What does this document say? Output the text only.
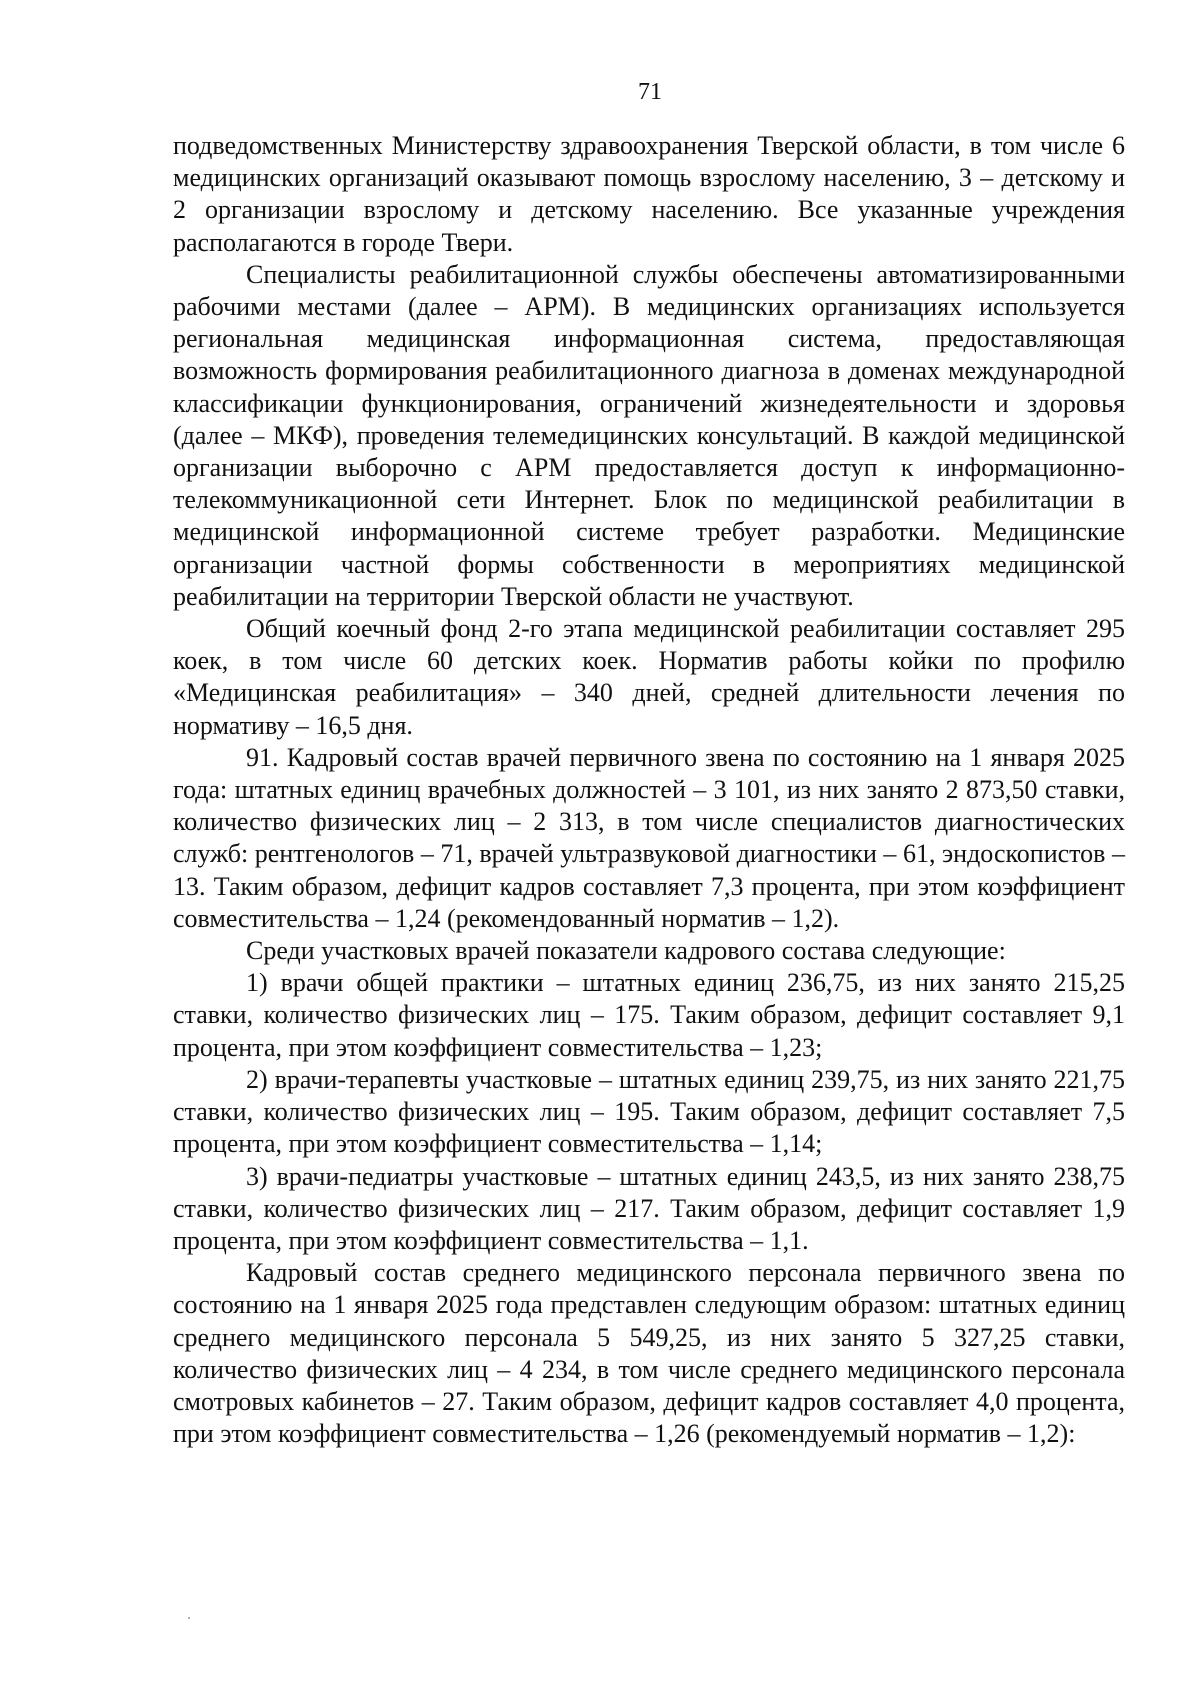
71

подведомственных Министерству здравоохранения Тверской области, в том числе 6 медицинских организаций оказывают помощь взрослому населению, 3 – детскому и 2 организации взрослому и детскому населению. Все указанные учреждения располагаются в городе Твери.

Специалисты реабилитационной службы обеспечены автоматизированными рабочими местами (далее – АРМ). В медицинских организациях используется региональная медицинская информационная система, предоставляющая возможность формирования реабилитационного диагноза в доменах международной классификации функционирования, ограничений жизнедеятельности и здоровья (далее – МКФ), проведения телемедицинских консультаций. В каждой медицинской организации выборочно с АРМ предоставляется доступ к информационно-телекоммуникационной сети Интернет. Блок по медицинской реабилитации в медицинской информационной системе требует разработки. Медицинские организации частной формы собственности в мероприятиях медицинской реабилитации на территории Тверской области не участвуют.

Общий коечный фонд 2-го этапа медицинской реабилитации составляет 295 коек, в том числе 60 детских коек. Норматив работы койки по профилю «Медицинская реабилитация» – 340 дней, средней длительности лечения по нормативу – 16,5 дня.

91. Кадровый состав врачей первичного звена по состоянию на 1 января 2025 года: штатных единиц врачебных должностей – 3 101, из них занято 2 873,50 ставки, количество физических лиц – 2 313, в том числе специалистов диагностических служб: рентгенологов – 71, врачей ультразвуковой диагностики – 61, эндоскопистов – 13. Таким образом, дефицит кадров составляет 7,3 процента, при этом коэффициент совместительства – 1,24 (рекомендованный норматив – 1,2).

Среди участковых врачей показатели кадрового состава следующие:

1) врачи общей практики – штатных единиц 236,75, из них занято 215,25 ставки, количество физических лиц – 175. Таким образом, дефицит составляет 9,1 процента, при этом коэффициент совместительства – 1,23;

2) врачи-терапевты участковые – штатных единиц 239,75, из них занято 221,75 ставки, количество физических лиц – 195. Таким образом, дефицит составляет 7,5 процента, при этом коэффициент совместительства – 1,14;

3) врачи-педиатры участковые – штатных единиц 243,5, из них занято 238,75 ставки, количество физических лиц – 217. Таким образом, дефицит составляет 1,9 процента, при этом коэффициент совместительства – 1,1.

Кадровый состав среднего медицинского персонала первичного звена по состоянию на 1 января 2025 года представлен следующим образом: штатных единиц среднего медицинского персонала 5 549,25, из них занято 5 327,25 ставки, количество физических лиц – 4 234, в том числе среднего медицинского персонала смотровых кабинетов – 27. Таким образом, дефицит кадров составляет 4,0 процента, при этом коэффициент совместительства – 1,26 (рекомендуемый норматив – 1,2):
